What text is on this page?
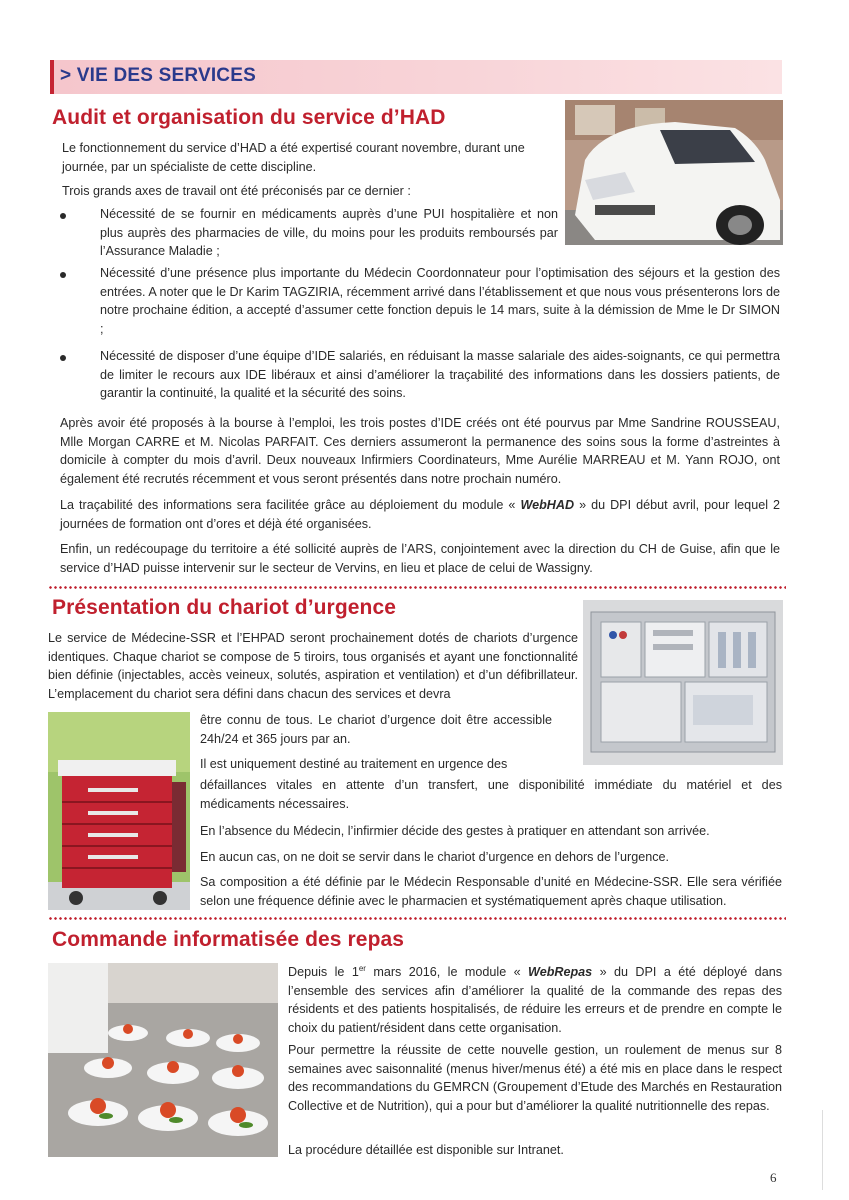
> VIE DES SERVICES
Audit et organisation du service d’HAD
Le fonctionnement du service d’HAD a été expertisé courant novembre, durant une
journée, par un spécialiste de cette discipline.
Trois grands axes de travail ont été préconisés par ce dernier :
Nécessité de se fournir en médicaments auprès d’une PUI hospitalière et non plus auprès des pharmacies de ville, du moins pour les produits remboursés par l’Assurance Maladie ;
Nécessité d’une présence plus importante du Médecin Coordonnateur pour l’optimisation des séjours et la gestion des entrées. A noter que le Dr Karim TAGZIRIA, récemment arrivé dans l’établissement et que nous vous présenterons lors de notre prochaine édition, a accepté d’assumer cette fonction depuis le 14 mars, suite à la démission de Mme le Dr SIMON ;
Nécessité de disposer d’une équipe d’IDE salariés, en réduisant la masse salariale des aides-soignants, ce qui permettra de limiter le recours aux IDE libéraux et ainsi d’améliorer la traçabilité des informations dans les dossiers patients, de garantir la continuité, la qualité et la sécurité des soins.
Après avoir été proposés à la bourse à l’emploi, les trois postes d’IDE créés ont été pourvus par Mme Sandrine ROUSSEAU, Mlle Morgan CARRE et M. Nicolas PARFAIT. Ces derniers assumeront la permanence des soins sous la forme d’astreintes à domicile à compter du mois d’avril. Deux nouveaux Infirmiers Coordinateurs, Mme Aurélie MARREAU et M. Yann ROJO, ont également été recrutés récemment et vous seront présentés dans notre prochain numéro.
La traçabilité des informations sera facilitée grâce au déploiement du module « WebHAD » du DPI début avril, pour lequel 2 journées de formation ont d’ores et déjà été organisées.
Enfin, un redécoupage du territoire a été sollicité auprès de l’ARS, conjointement avec la direction du CH de Guise, afin que le service d’HAD puisse intervenir sur le secteur de Vervins, en lieu et place de celui de Wassigny.
Présentation du chariot d’urgence
Le service de Médecine-SSR et l’EHPAD seront prochainement dotés de chariots d’urgence identiques. Chaque chariot se compose de 5 tiroirs, tous organisés et ayant une fonctionnalité bien définie (injectables, accès veineux, solutés, aspiration et ventilation) et d’un défibrillateur. L’emplacement du chariot sera défini dans chacun des services et devra
être connu de tous. Le chariot d’urgence doit être accessible 24h/24 et 365 jours par an.
Il est uniquement destiné au traitement en urgence des
défaillances vitales en attente d’un transfert, une disponibilité immédiate du matériel et des médicaments nécessaires.
En l’absence du Médecin, l’infirmier décide des gestes à pratiquer en attendant son arrivée.
En aucun cas, on ne doit se servir dans le chariot d’urgence en dehors de l’urgence.
Sa composition a été définie par le Médecin Responsable d’unité en Médecine-SSR. Elle sera vérifiée selon une fréquence définie avec le pharmacien et systématiquement après chaque utilisation.
Commande informatisée des repas
Depuis le 1er mars 2016, le module « WebRepas » du DPI a été déployé dans l’ensemble des services afin d’améliorer la qualité de la commande des repas des résidents et des patients hospitalisés, de réduire les erreurs et de prendre en compte le choix du patient/résident dans cette organisation.
Pour permettre la réussite de cette nouvelle gestion, un roulement de menus sur 8 semaines avec saisonnalité (menus hiver/menus été) a été mis en place dans le respect des recommandations du GEMRCN (Groupement d’Etude des Marchés en Restauration Collective et de Nutrition), qui a pour but d’améliorer la qualité nutritionnelle des repas.
La procédure détaillée est disponible sur Intranet.
6
